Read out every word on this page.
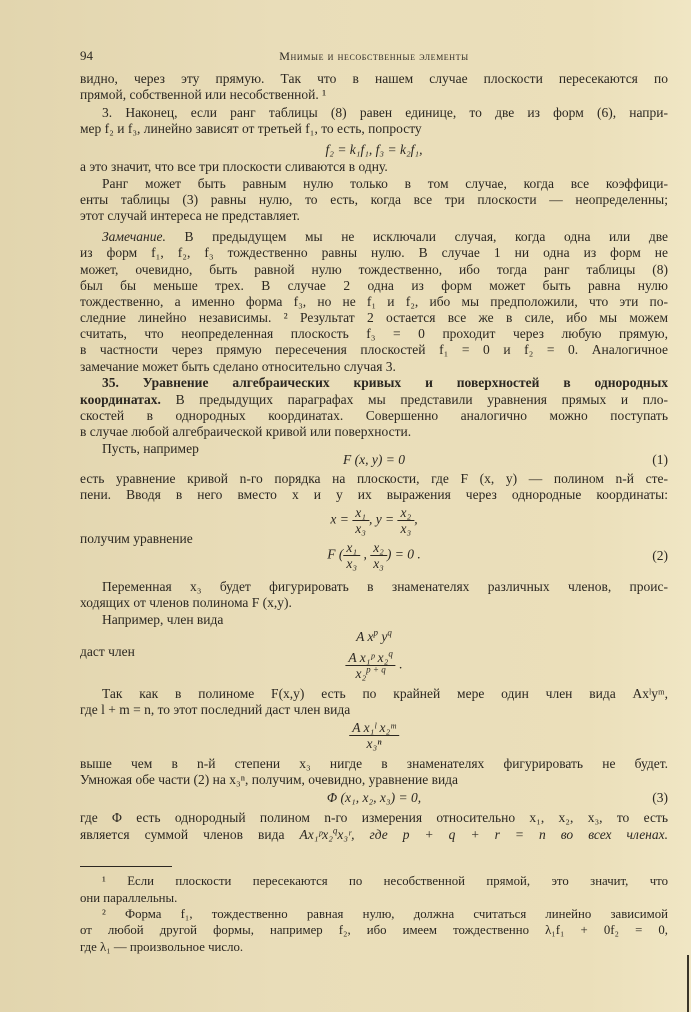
94	Мнимые и несобственные элементы
видно, через эту прямую. Так что в нашем случае плоскости пересекаются по
прямой, собственной или несобственной. ¹
3. Наконец, если ранг таблицы (8) равен единице, то две из форм (6), напри-
мер f₂ и f₃, линейно зависят от третьей f₁, то есть, попросту
f₂ = k₁f₁, f₃ = k₂f₁,
а это значит, что все три плоскости сливаются в одну.
Ранг может быть равным нулю только в том случае, когда все коэффици-
енты таблицы (3) равны нулю, то есть, когда все три плоскости — неопределенны;
этот случай интереса не представляет.
Замечание. В предыдущем мы не исключали случая, когда одна или две
из форм f₁, f₂, f₃ тождественно равны нулю. В случае 1 ни одна из форм не
может, очевидно, быть равной нулю тождественно, ибо тогда ранг таблицы (8)
был бы меньше трех. В случае 2 одна из форм может быть равна нулю
тождественно, а именно форма f₃, но не f₁ и f₂, ибо мы предположили, что эти по-
следние линейно независимы. ² Результат 2 остается все же в силе, ибо мы можем
считать, что неопределенная плоскость f₃ = 0 проходит через любую прямую,
в частности через прямую пересечения плоскостей f₁ = 0 и f₂ = 0. Аналогичное
замечание может быть сделано относительно случая 3.
35. Уравнение алгебраических кривых и поверхностей в однородных
координатах. В предыдущих параграфах мы представили уравнения прямых и пло-
скостей в однородных координатах. Совершенно аналогично можно поступать
в случае любой алгебраической кривой или поверхности.
Пусть, например
F (x, y) = 0	(1)
есть уравнение кривой n-го порядка на плоскости, где F (x, y) — полином n-й сте-
пени. Вводя в него вместо x и y их выражения через однородные координаты:
$x = \frac{\text{x₁}}{\text{x₃}}$ , $y = \frac{\text{x₂}}{\text{x₃}}$ ,
получим уравнение
F ( $\frac{\text{x₁}}{\text{x₃}}$ , $\frac{\text{x₂}}{\text{x₃}}$ ) = 0 .	(2)
Переменная x₃ будет фигурировать в знаменателях различных членов, проис-
ходящих от членов полинома F (x,y).
Например, член вида
A $x^p$ $y^q$
даст член	$\frac{A x_1ᵖ x_2^q}{x_2^{p + q}}$ .
Так как в полиноме F(x,y) есть по крайней мере один член вида Axˡyᵐ,
где l + m = n, то этот последний даст член вида
$\frac{\text{A x₁ˡ x₂ᵐ}}{\text{x₃ⁿ}}$
выше чем в n-й степени x₃ нигде в знаменателях фигурировать не будет.
Умножая обе части (2) на x₃ⁿ, получим, очевидно, уравнение вида
Φ (x₁, x₂, x₃) = 0,	(3)
где Φ есть однородный полином n-го измерения относительно x₁, x₂, x₃, то есть
является суммой членов вида Ax₁ᵖx₂$^q$x₃ʳ, где p + q + r = n во всех членах.
¹ Если плоскости пересекаются по несобственной прямой, это значит, что
они параллельны.
² Форма f₁, тождественно равная нулю, должна считаться линейно зависимой
от любой другой формы, например f₂, ибо имеем тождественно λ₁f₁ + 0f₂ = 0,
где λ₁ — произвольное число.
